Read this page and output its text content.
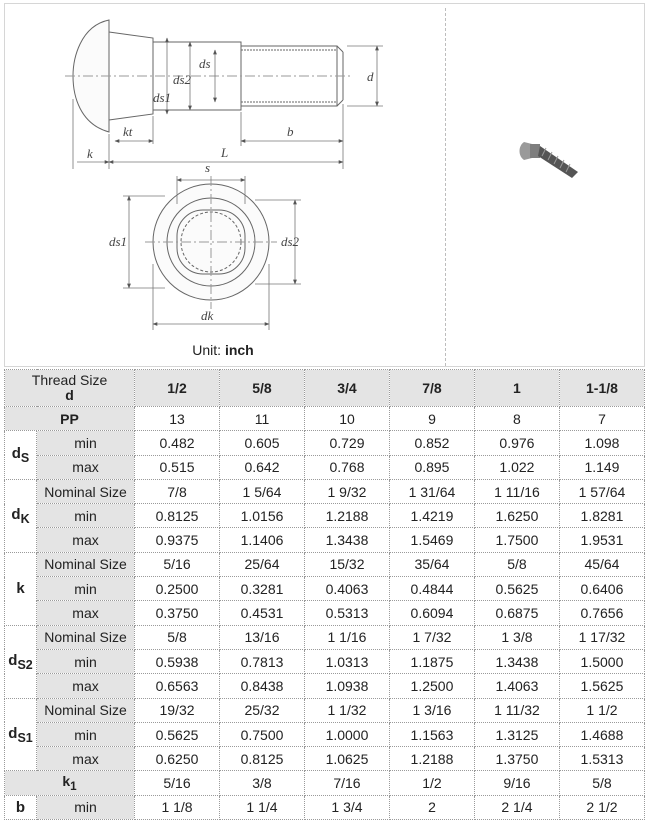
ds
ds2
ds1
d
kt	b
k	L
s
ds1	ds2
dk
Unit: inch
Thread Size
d		1/2	5/8	3/4	7/8	1	1-1/8
PP		13	11	10	9	8	7
$d_S$	min	0.482	0.605	0.729	0.852	0.976	1.098
	max	0.515	0.642	0.768	0.895	1.022	1.149
$d_K$	Nominal Size	7/8	1 5/64	1 9/32	1 31/64	1 11/16	1 57/64
	min	0.8125	1.0156	1.2188	1.4219	1.6250	1.8281
	max	0.9375	1.1406	1.3438	1.5469	1.7500	1.9531
k	Nominal Size	5/16	25/64	15/32	35/64	5/8	45/64
	min	0.2500	0.3281	0.4063	0.4844	0.5625	0.6406
	max	0.3750	0.4531	0.5313	0.6094	0.6875	0.7656
$d_{S2}$	Nominal Size	5/8	13/16	1 1/16	1 7/32	1 3/8	1 17/32
	min	0.5938	0.7813	1.0313	1.1875	1.3438	1.5000
	max	0.6563	0.8438	1.0938	1.2500	1.4063	1.5625
$d_{S1}$	Nominal Size	19/32	25/32	1 1/32	1 3/16	1 11/32	1 1/2
	min	0.5625	0.7500	1.0000	1.1563	1.3125	1.4688
	max	0.6250	0.8125	1.0625	1.2188	1.3750	1.5313
$k_1$		5/16	3/8	7/16	1/2	9/16	5/8
b	min	1 1/8	1 1/4	1 3/4	2	2 1/4	2 1/2
